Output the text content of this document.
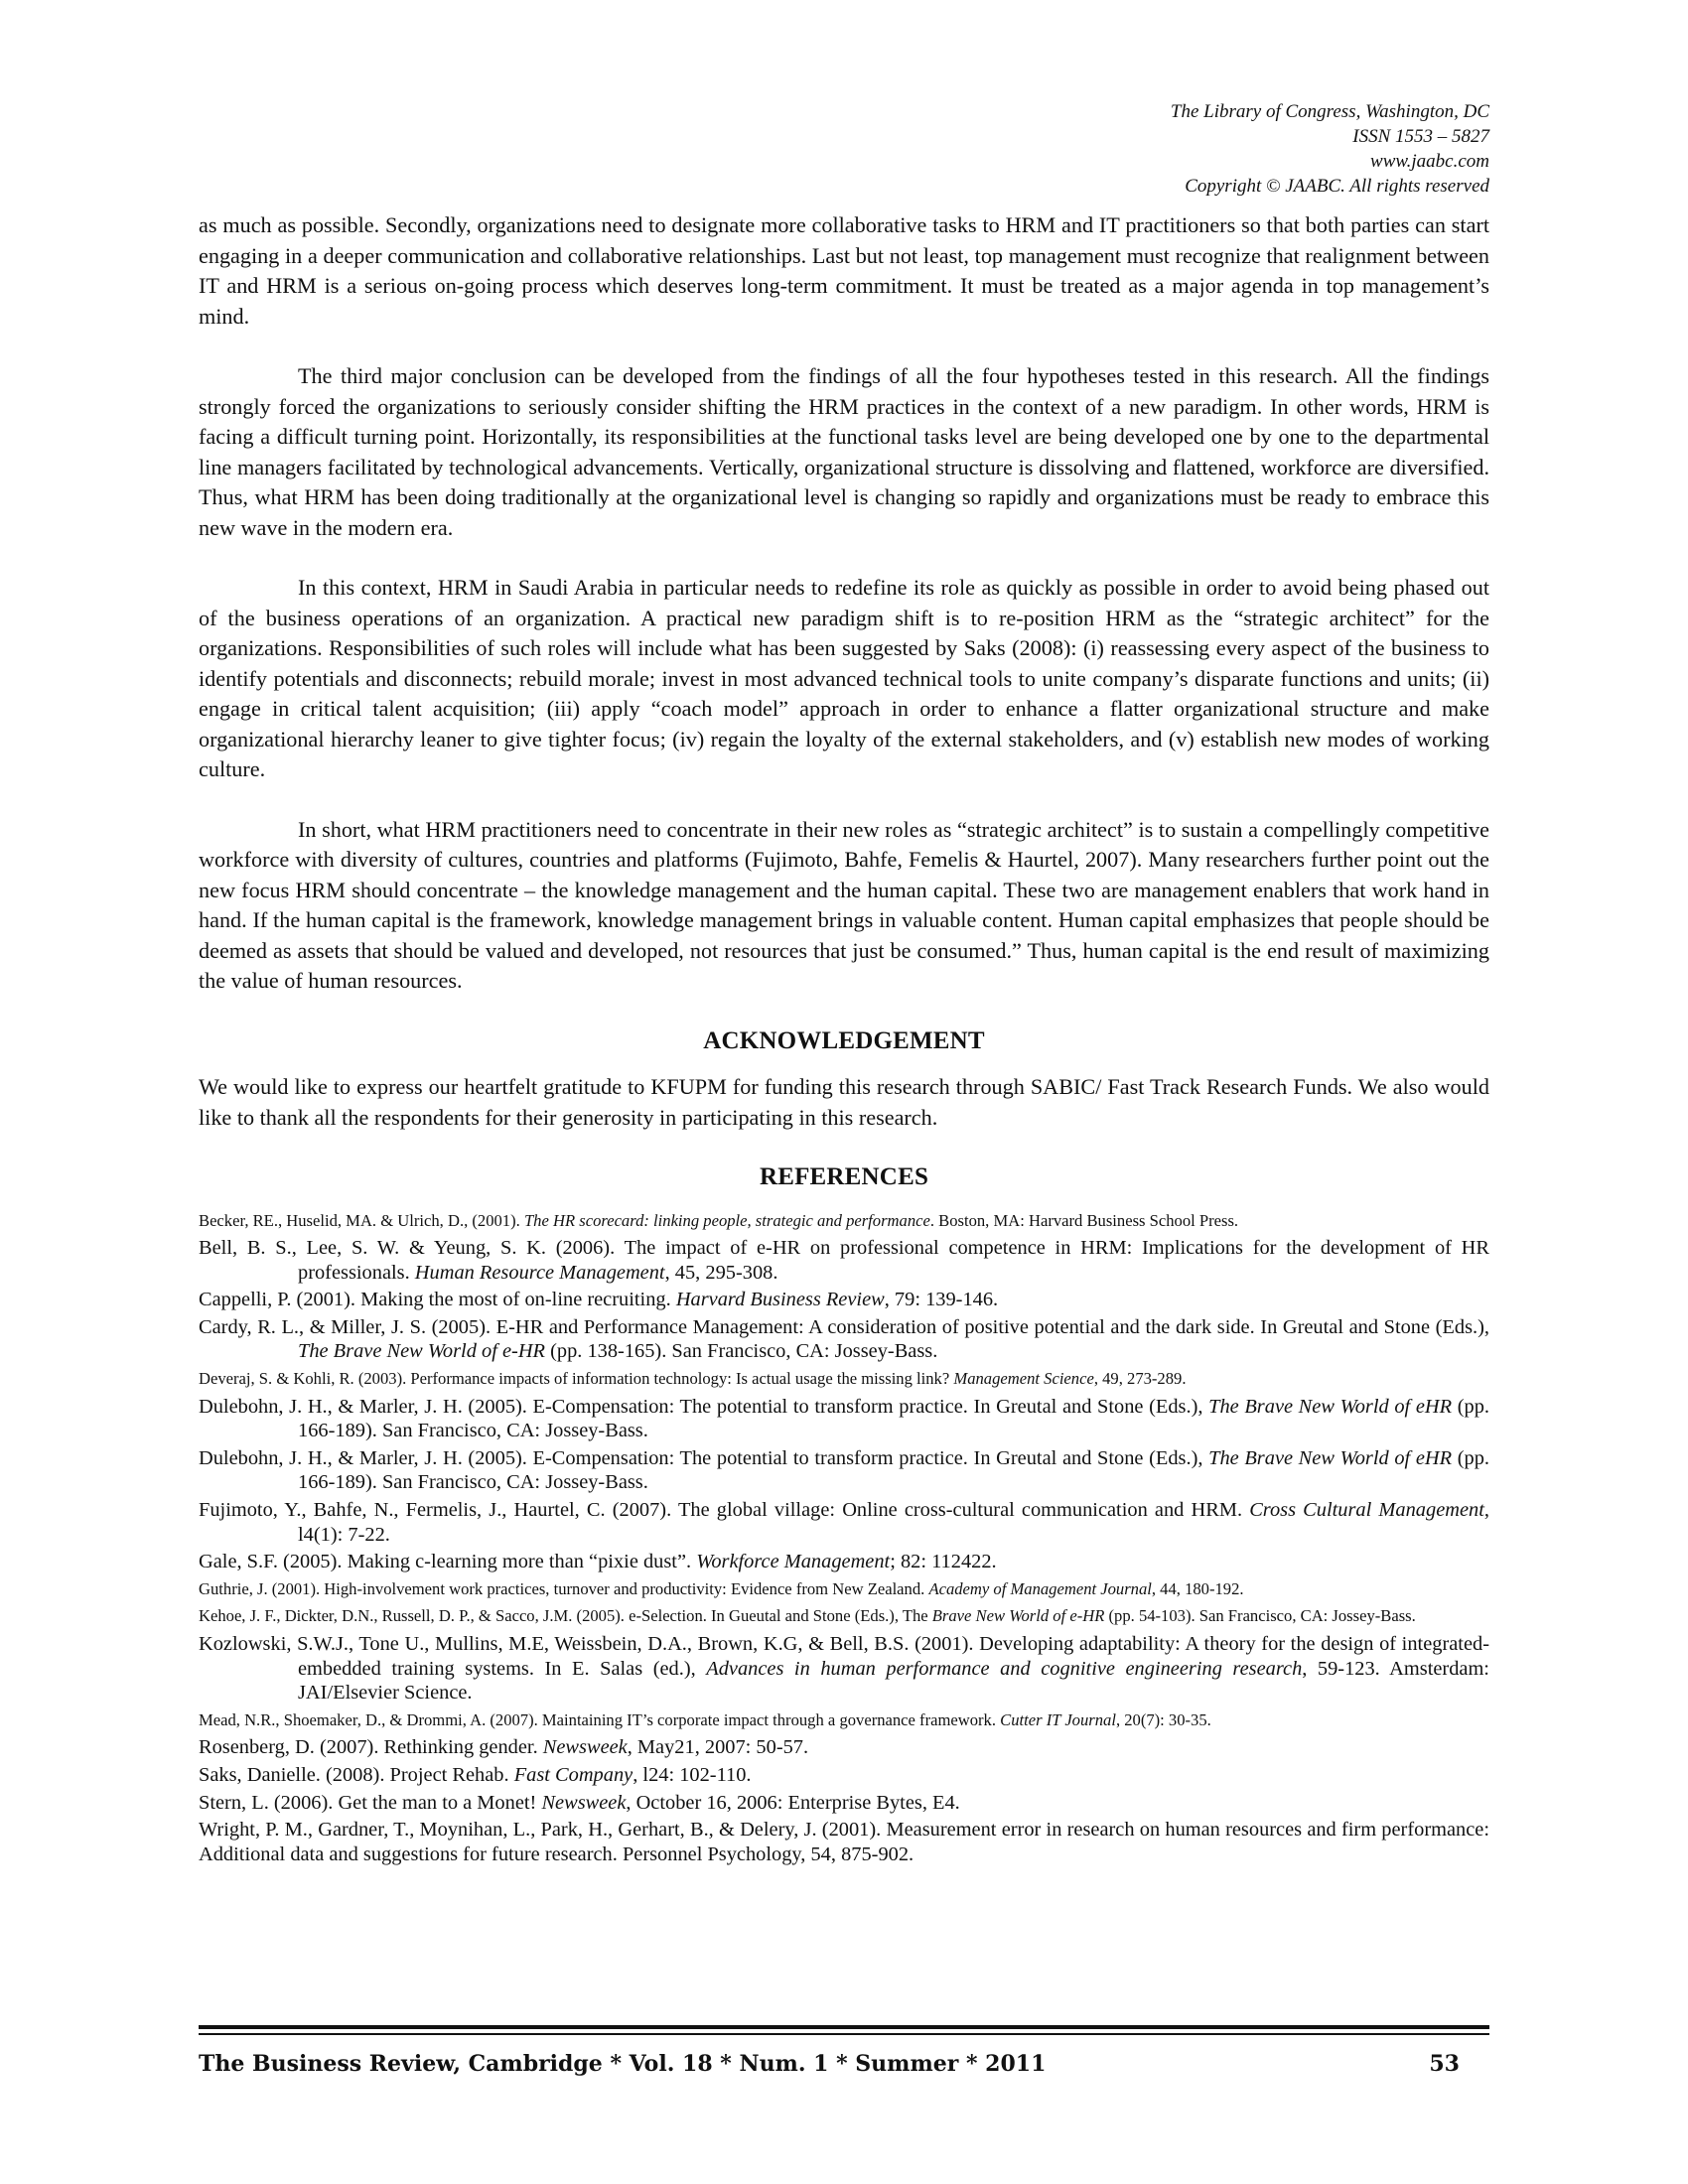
The Library of Congress, Washington, DC
ISSN 1553 – 5827
www.jaabc.com
Copyright © JAABC. All rights reserved

as much as possible. Secondly, organizations need to designate more collaborative tasks to HRM and IT practitioners so that both parties can start engaging in a deeper communication and collaborative relationships. Last but not least, top management must recognize that realignment between IT and HRM is a serious on-going process which deserves long-term commitment. It must be treated as a major agenda in top management’s mind.

The third major conclusion can be developed from the findings of all the four hypotheses tested in this research. All the findings strongly forced the organizations to seriously consider shifting the HRM practices in the context of a new paradigm. In other words, HRM is facing a difficult turning point. Horizontally, its responsibilities at the functional tasks level are being developed one by one to the departmental line managers facilitated by technological advancements. Vertically, organizational structure is dissolving and flattened, workforce are diversified. Thus, what HRM has been doing traditionally at the organizational level is changing so rapidly and organizations must be ready to embrace this new wave in the modern era.

In this context, HRM in Saudi Arabia in particular needs to redefine its role as quickly as possible in order to avoid being phased out of the business operations of an organization. A practical new paradigm shift is to re-position HRM as the “strategic architect” for the organizations. Responsibilities of such roles will include what has been suggested by Saks (2008): (i) reassessing every aspect of the business to identify potentials and disconnects; rebuild morale; invest in most advanced technical tools to unite company’s disparate functions and units; (ii) engage in critical talent acquisition; (iii) apply “coach model” approach in order to enhance a flatter organizational structure and make organizational hierarchy leaner to give tighter focus; (iv) regain the loyalty of the external stakeholders, and (v) establish new modes of working culture.

In short, what HRM practitioners need to concentrate in their new roles as “strategic architect” is to sustain a compellingly competitive workforce with diversity of cultures, countries and platforms (Fujimoto, Bahfe, Femelis & Haurtel, 2007). Many researchers further point out the new focus HRM should concentrate – the knowledge management and the human capital. These two are management enablers that work hand in hand. If the human capital is the framework, knowledge management brings in valuable content. Human capital emphasizes that people should be deemed as assets that should be valued and developed, not resources that just be consumed.” Thus, human capital is the end result of maximizing the value of human resources.

ACKNOWLEDGEMENT

We would like to express our heartfelt gratitude to KFUPM for funding this research through SABIC/ Fast Track Research Funds. We also would like to thank all the respondents for their generosity in participating in this research.

REFERENCES
Becker, RE., Huselid, MA. & Ulrich, D., (2001). The HR scorecard: linking people, strategic and performance. Boston, MA: Harvard Business School Press.
Bell, B. S., Lee, S. W. & Yeung, S. K. (2006). The impact of e-HR on professional competence in HRM: Implications for the development of HR professionals. Human Resource Management, 45, 295-308.
Cappelli, P. (2001). Making the most of on-line recruiting. Harvard Business Review, 79: 139-146.
Cardy, R. L., & Miller, J. S. (2005). E-HR and Performance Management: A consideration of positive potential and the dark side. In Greutal and Stone (Eds.), The Brave New World of e-HR (pp. 138-165). San Francisco, CA: Jossey-Bass.
Deveraj, S. & Kohli, R. (2003). Performance impacts of information technology: Is actual usage the missing link? Management Science, 49, 273-289.
Dulebohn, J. H., & Marler, J. H. (2005). E-Compensation: The potential to transform practice. In Greutal and Stone (Eds.), The Brave New World of eHR (pp. 166-189). San Francisco, CA: Jossey-Bass.
Dulebohn, J. H., & Marler, J. H. (2005). E-Compensation: The potential to transform practice. In Greutal and Stone (Eds.), The Brave New World of eHR (pp. 166-189). San Francisco, CA: Jossey-Bass.
Fujimoto, Y., Bahfe, N., Fermelis, J., Haurtel, C. (2007). The global village: Online cross-cultural communication and HRM. Cross Cultural Management, l4(1): 7-22.
Gale, S.F. (2005). Making c-learning more than “pixie dust”. Workforce Management; 82: 112422.
Guthrie, J. (2001). High-involvement work practices, turnover and productivity: Evidence from New Zealand. Academy of Management Journal, 44, 180-192.
Kehoe, J. F., Dickter, D.N., Russell, D. P., & Sacco, J.M. (2005). e-Selection. In Gueutal and Stone (Eds.), The Brave New World of e-HR (pp. 54-103). San Francisco, CA: Jossey-Bass.
Kozlowski, S.W.J., Tone U., Mullins, M.E, Weissbein, D.A., Brown, K.G, & Bell, B.S. (2001). Developing adaptability: A theory for the design of integrated-embedded training systems. In E. Salas (ed.), Advances in human performance and cognitive engineering research, 59-123. Amsterdam: JAI/Elsevier Science.
Mead, N.R., Shoemaker, D., & Drommi, A. (2007). Maintaining IT’s corporate impact through a governance framework. Cutter IT Journal, 20(7): 30-35.
Rosenberg, D. (2007). Rethinking gender. Newsweek, May21, 2007: 50-57.
Saks, Danielle. (2008). Project Rehab. Fast Company, l24: 102-110.
Stern, L. (2006). Get the man to a Monet! Newsweek, October 16, 2006: Enterprise Bytes, E4.
Wright, P. M., Gardner, T., Moynihan, L., Park, H., Gerhart, B., & Delery, J. (2001). Measurement error in research on human resources and firm performance: Additional data and suggestions for future research. Personnel Psychology, 54, 875-902.
The Business Review, Cambridge * Vol. 18 * Num. 1 * Summer * 2011	53
